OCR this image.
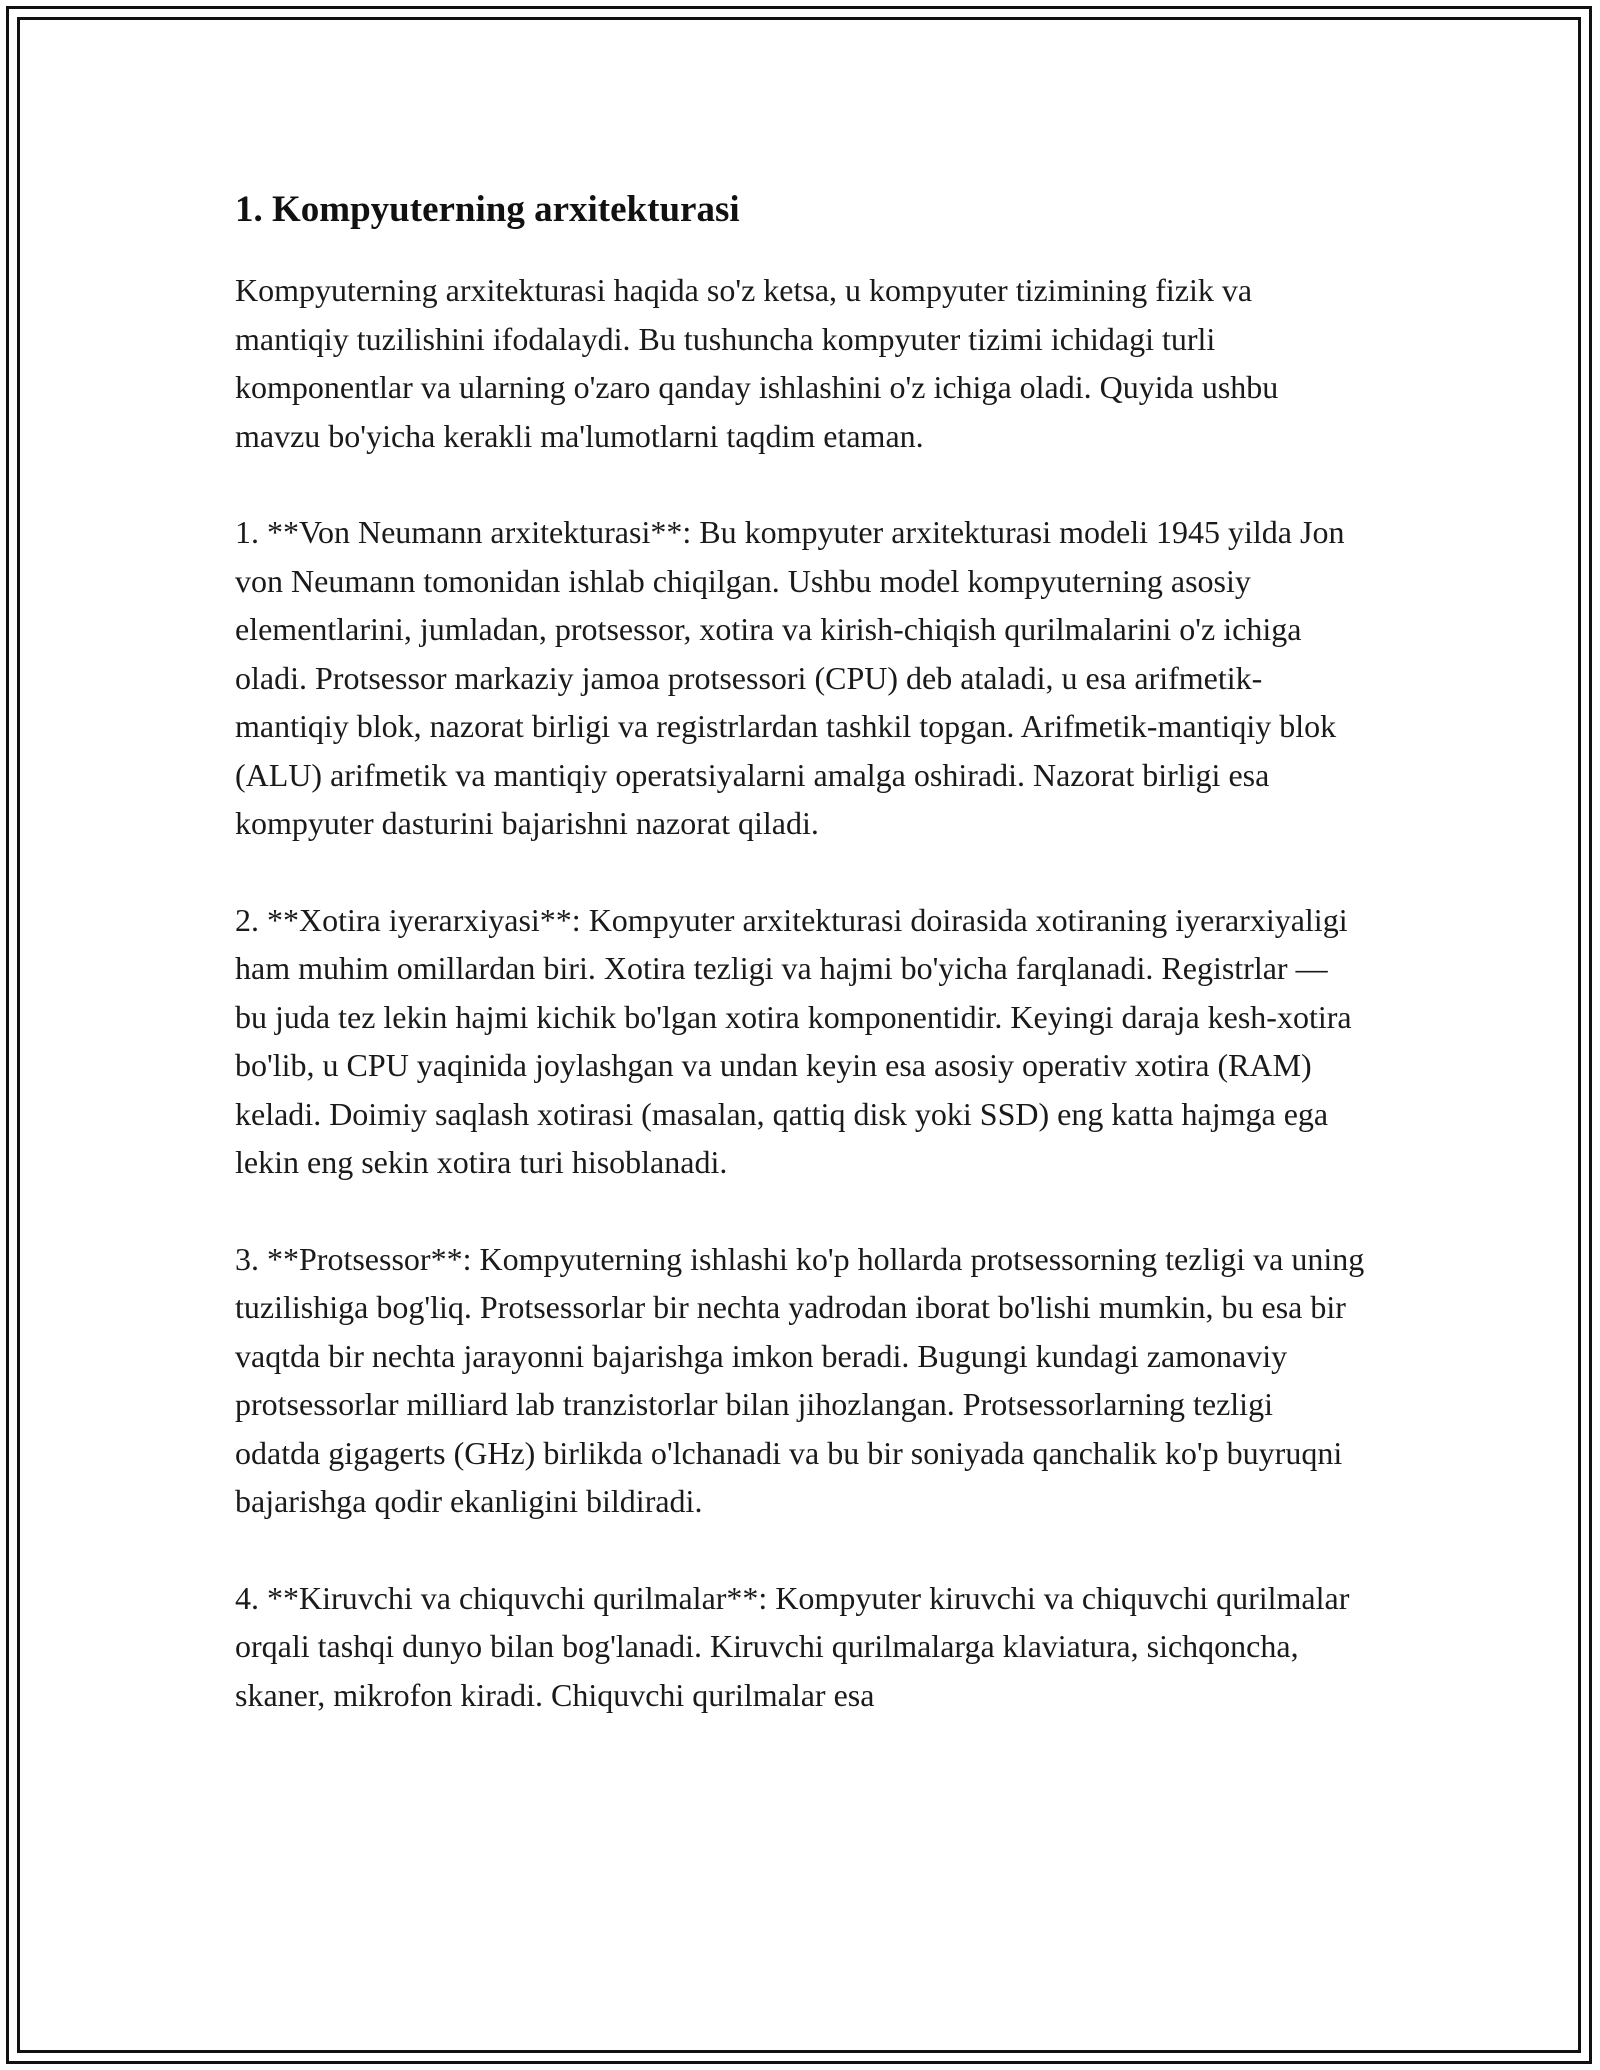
1. Kompyuterning arxitekturasi

Kompyuterning arxitekturasi haqida so'z ketsa, u kompyuter tizimining fizik va mantiqiy tuzilishini ifodalaydi. Bu tushuncha kompyuter tizimi ichidagi turli komponentlar va ularning o'zaro qanday ishlashini o'z ichiga oladi. Quyida ushbu mavzu bo'yicha kerakli ma'lumotlarni taqdim etaman.

1. **Von Neumann arxitekturasi**: Bu kompyuter arxitekturasi modeli 1945 yilda Jon von Neumann tomonidan ishlab chiqilgan. Ushbu model kompyuterning asosiy elementlarini, jumladan, protsessor, xotira va kirish-chiqish qurilmalarini o'z ichiga oladi. Protsessor markaziy jamoa protsessori (CPU) deb ataladi, u esa arifmetik-mantiqiy blok, nazorat birligi va registrlardan tashkil topgan. Arifmetik-mantiqiy blok (ALU) arifmetik va mantiqiy operatsiyalarni amalga oshiradi. Nazorat birligi esa kompyuter dasturini bajarishni nazorat qiladi.

2. **Xotira iyerarxiyasi**: Kompyuter arxitekturasi doirasida xotiraning iyerarxiyaligi ham muhim omillardan biri. Xotira tezligi va hajmi bo'yicha farqlanadi. Registrlar — bu juda tez lekin hajmi kichik bo'lgan xotira komponentidir. Keyingi daraja kesh-xotira bo'lib, u CPU yaqinida joylashgan va undan keyin esa asosiy operativ xotira (RAM) keladi. Doimiy saqlash xotirasi (masalan, qattiq disk yoki SSD) eng katta hajmga ega lekin eng sekin xotira turi hisoblanadi.

3. **Protsessor**: Kompyuterning ishlashi ko'p hollarda protsessorning tezligi va uning tuzilishiga bog'liq. Protsessorlar bir nechta yadrodan iborat bo'lishi mumkin, bu esa bir vaqtda bir nechta jarayonni bajarishga imkon beradi. Bugungi kundagi zamonaviy protsessorlar milliard lab tranzistorlar bilan jihozlangan. Protsessorlarning tezligi odatda gigagerts (GHz) birlikda o'lchanadi va bu bir soniyada qanchalik ko'p buyruqni bajarishga qodir ekanligini bildiradi.

4. **Kiruvchi va chiquvchi qurilmalar**: Kompyuter kiruvchi va chiquvchi qurilmalar orqali tashqi dunyo bilan bog'lanadi. Kiruvchi qurilmalarga klaviatura, sichqoncha, skaner, mikrofon kiradi. Chiquvchi qurilmalar esa
